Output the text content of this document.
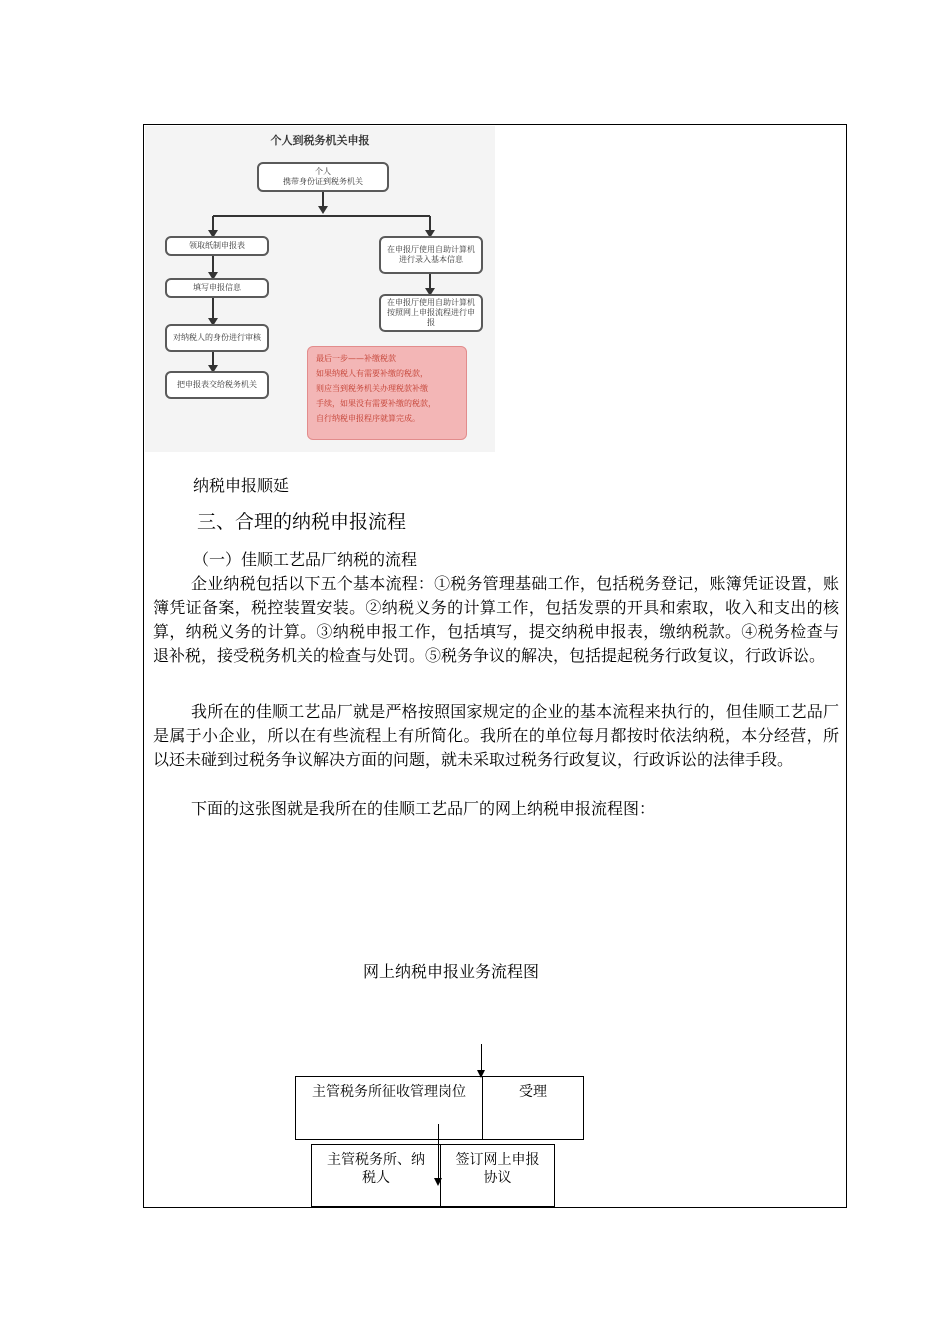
个人到税务机关申报
个人
携带身份证到税务机关
领取纸制申报表
填写申报信息
对纳税人的身份进行审核
把申报表交给税务机关
在申报厅使用自助计算机进行录入基本信息
在申报厅使用自助计算机按照网上申报流程进行申报
最后一步——补缴税款
如果纳税人有需要补缴的税款，
则应当到税务机关办理税款补缴
手续，如果没有需要补缴的税款，
自行纳税申报程序就算完成。
纳税申报顺延
三、合理的纳税申报流程
（一）佳顺工艺品厂纳税的流程
企业纳税包括以下五个基本流程：①税务管理基础工作，包括税务登记，账簿凭证设置，账簿凭证备案，税控装置安装。②纳税义务的计算工作，包括发票的开具和索取，收入和支出的核算，纳税义务的计算。③纳税申报工作，包括填写，提交纳税申报表，缴纳税款。④税务检查与退补税，接受税务机关的检查与处罚。⑤税务争议的解决，包括提起税务行政复议，行政诉讼。
我所在的佳顺工艺品厂就是严格按照国家规定的企业的基本流程来执行的，但佳顺工艺品厂是属于小企业，所以在有些流程上有所简化。我所在的单位每月都按时依法纳税，本分经营，所以还未碰到过税务争议解决方面的问题，就未采取过税务行政复议，行政诉讼的法律手段。
下面的这张图就是我所在的佳顺工艺品厂的网上纳税申报流程图：
网上纳税申报业务流程图
主管税务所征收管理岗位	受理
主管税务所、纳税人
签订网上申报协议
